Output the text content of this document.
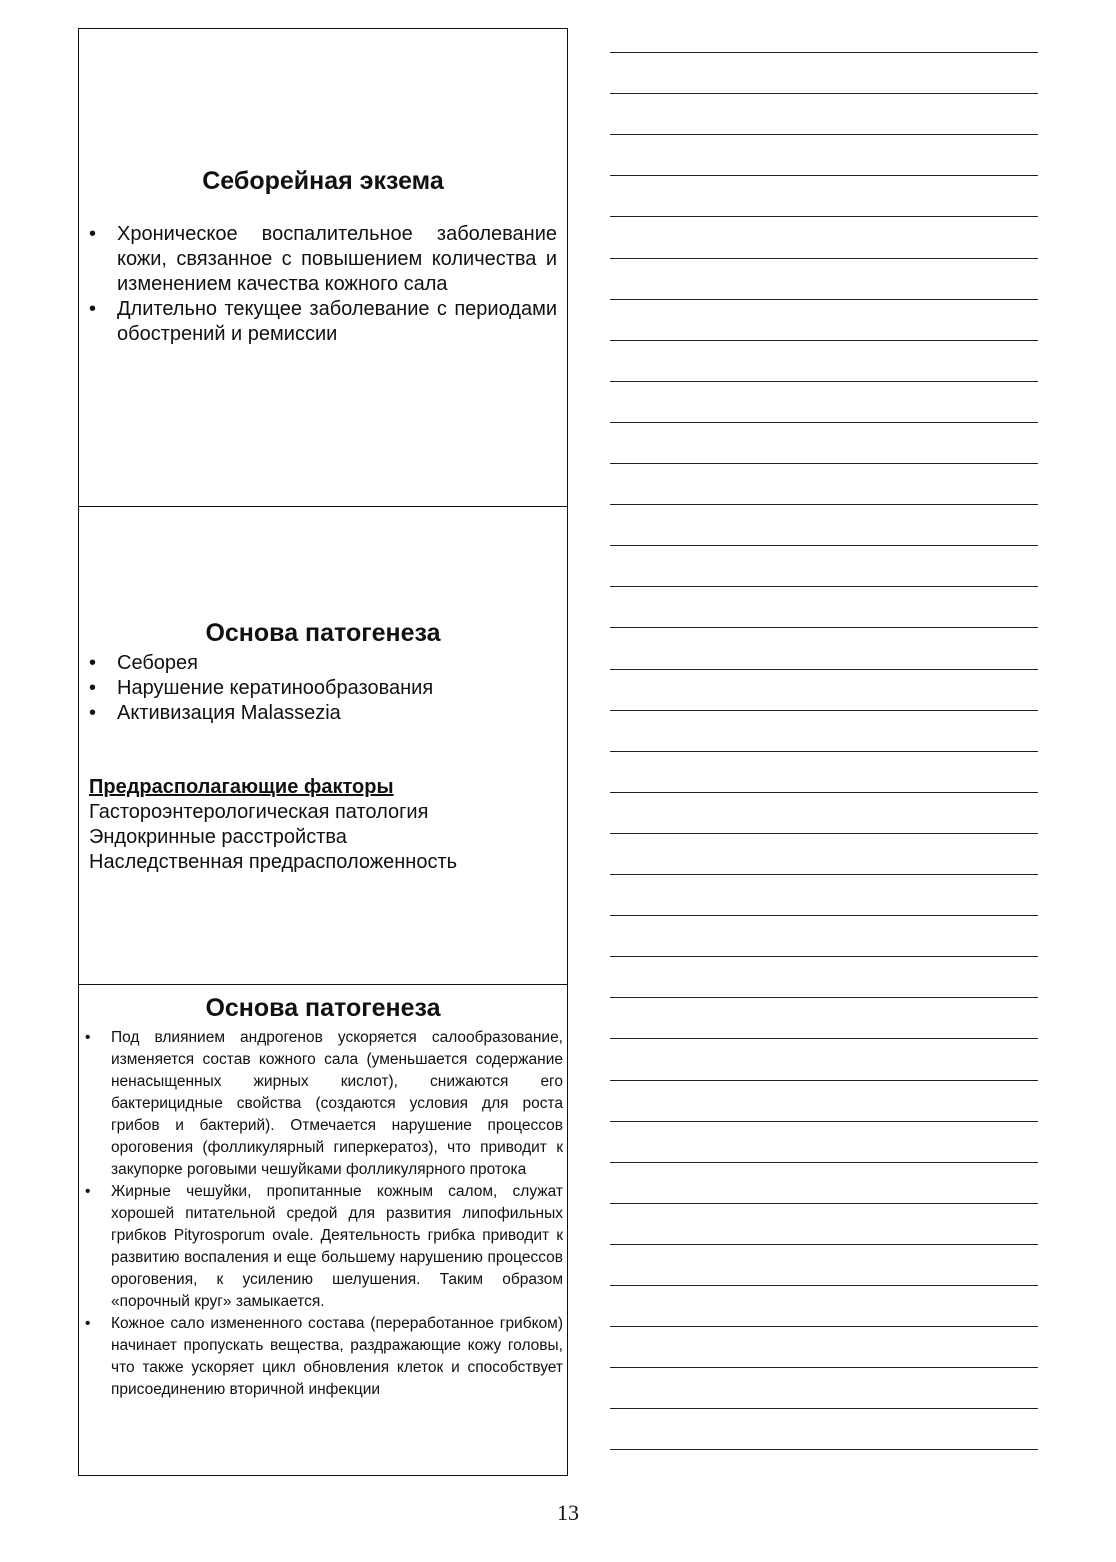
Себорейная экзема
• Хроническое воспалительное заболевание кожи, связанное с повышением количества и изменением качества кожного сала
• Длительно текущее заболевание с периодами обострений и ремиссии
Основа патогенеза
• Себорея
• Нарушение кератинообразования
• Активизация Malassezia
Предрасполагающие факторы
Гастороэнтерологическая патология
Эндокринные расстройства
Наследственная предрасположенность
Основа патогенеза
• Под влиянием андрогенов ускоряется салообразование, изменяется состав кожного сала (уменьшается содержание ненасыщенных жирных кислот), снижаются его бактерицидные свойства (создаются условия для роста грибов и бактерий). Отмечается нарушение процессов ороговения (фолликулярный гиперкератоз), что приводит к закупорке роговыми чешуйками фолликулярного протока
• Жирные чешуйки, пропитанные кожным салом, служат хорошей питательной средой для развития липофильных грибков Pityrosporum ovale. Деятельность грибка приводит к развитию воспаления и еще большему нарушению процессов ороговения, к усилению шелушения. Таким образом «порочный круг» замыкается.
• Кожное сало измененного состава (переработанное грибком) начинает пропускать вещества, раздражающие кожу головы, что также ускоряет цикл обновления клеток и способствует присоединению вторичной инфекции
13
